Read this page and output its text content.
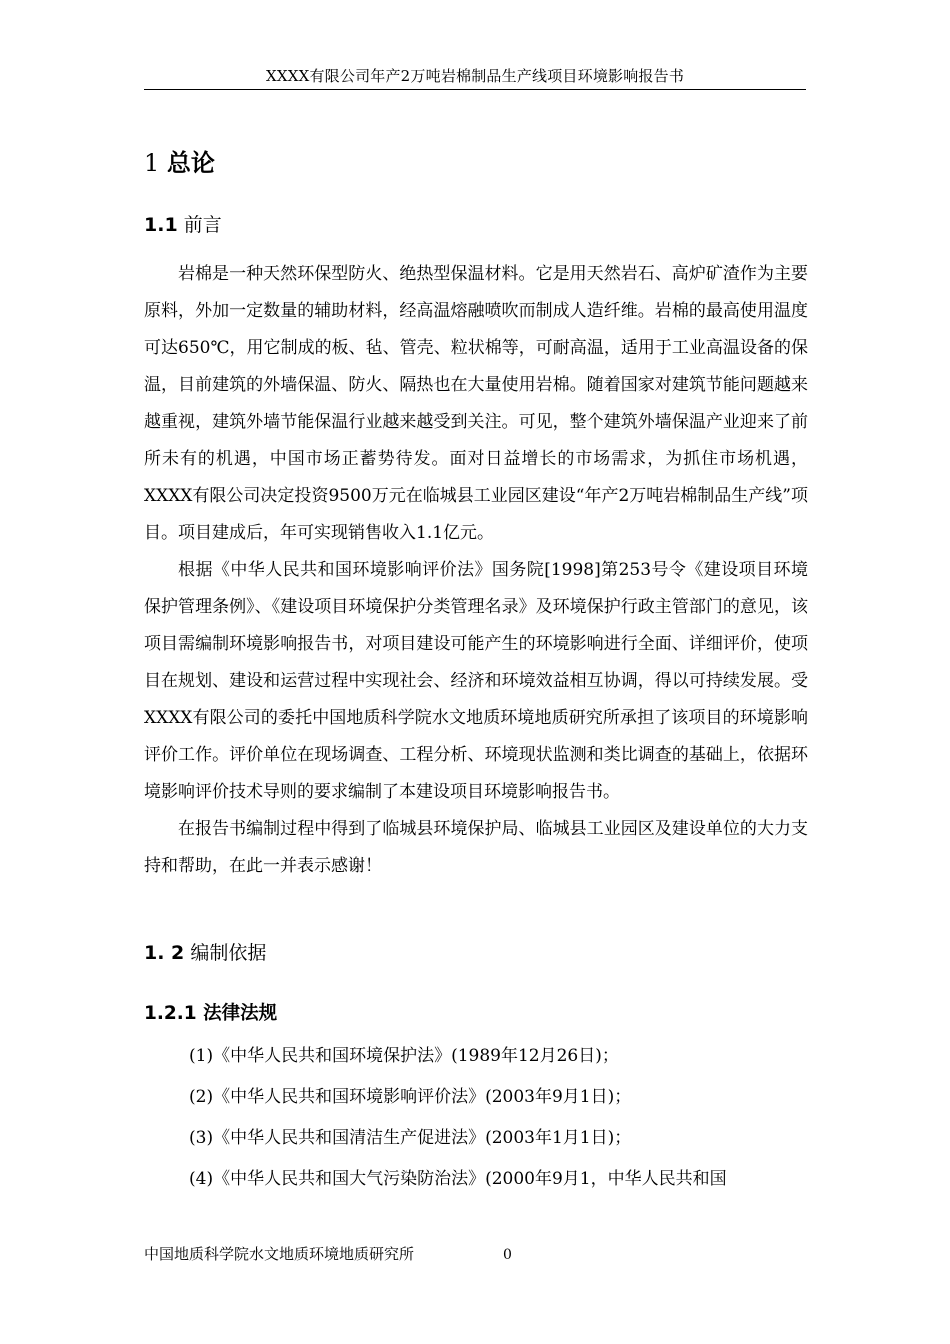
XXXX有限公司年产2万吨岩棉制品生产线项目环境影响报告书
1 总论
1.1 前言

岩棉是一种天然环保型防火、绝热型保温材料。它是用天然岩石、高炉矿渣作为主要原料，外加一定数量的辅助材料，经高温熔融喷吹而制成人造纤维。岩棉的最高使用温度可达650℃，用它制成的板、毡、管壳、粒状棉等，可耐高温，适用于工业高温设备的保温，目前建筑的外墙保温、防火、隔热也在大量使用岩棉。随着国家对建筑节能问题越来越重视，建筑外墙节能保温行业越来越受到关注。可见，整个建筑外墙保温产业迎来了前所未有的机遇，中国市场正蓄势待发。面对日益增长的市场需求，为抓住市场机遇，XXXX有限公司决定投资9500万元在临城县工业园区建设“年产2万吨岩棉制品生产线”项目。项目建成后，年可实现销售收入1.1亿元。

根据《中华人民共和国环境影响评价法》国务院[1998]第253号令《建设项目环境保护管理条例》、《建设项目环境保护分类管理名录》及环境保护行政主管部门的意见，该项目需编制环境影响报告书，对项目建设可能产生的环境影响进行全面、详细评价，使项目在规划、建设和运营过程中实现社会、经济和环境效益相互协调，得以可持续发展。受XXXX有限公司的委托中国地质科学院水文地质环境地质研究所承担了该项目的环境影响评价工作。评价单位在现场调查、工程分析、环境现状监测和类比调查的基础上，依据环境影响评价技术导则的要求编制了本建设项目环境影响报告书。

在报告书编制过程中得到了临城县环境保护局、临城县工业园区及建设单位的大力支持和帮助，在此一并表示感谢！

1. 2 编制依据
1.2.1 法律法规
(1)《中华人民共和国环境保护法》(1989年12月26日)；
(2)《中华人民共和国环境影响评价法》(2003年9月1日)；
(3)《中华人民共和国清洁生产促进法》(2003年1月1日)；
(4)《中华人民共和国大气污染防治法》(2000年9月1，中华人民共和国
中国地质科学院水文地质环境地质研究所	0
